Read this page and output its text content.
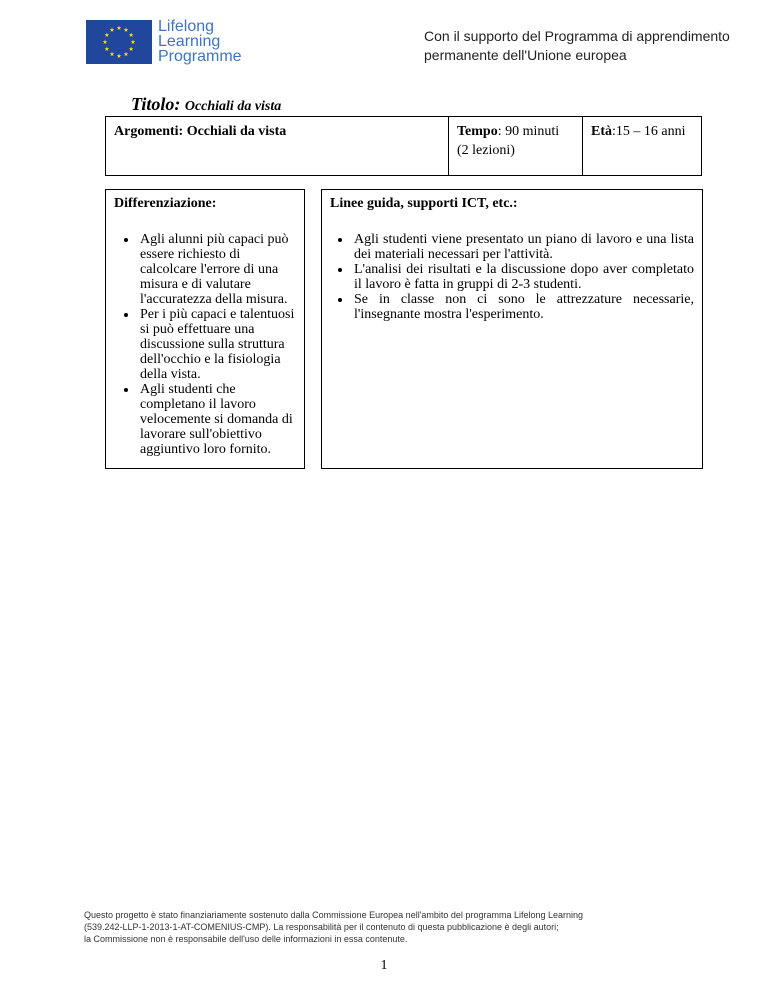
Lifelong
Learning
Programme
Con il supporto del Programma di apprendimento
permanente dell'Unione europea
Titolo: Occhiali da vista
Argomenti: Occhiali da vista	Tempo: 90 minuti
(2 lezioni)
Età:15 – 16 anni
Differenziazione:
• Agli alunni più capaci può essere richiesto di calcolcare l'errore di una misura e di valutare l'accuratezza della misura.
• Per i più capaci e talentuosi si può effettuare una discussione sulla struttura dell'occhio e la fisiologia della vista.
• Agli studenti che completano il lavoro velocemente si domanda di lavorare sull'obiettivo aggiuntivo loro fornito.
Linee guida, supporti ICT, etc.:
• Agli studenti viene presentato un piano di lavoro e una lista dei materiali necessari per l'attività.
• L'analisi dei risultati e la discussione dopo aver completato il lavoro è fatta in gruppi di 2-3 studenti.
• Se in classe non ci sono le attrezzature necessarie, l'insegnante mostra l'esperimento.
Questo progetto è stato finanziariamente sostenuto dalla Commissione Europea nell'ambito del programma Lifelong Learning
(539.242-LLP-1-2013-1-AT-COMENIUS-CMP). La responsabilità per il contenuto di questa pubblicazione è degli autori;
la Commissione non è responsabile dell'uso delle informazioni in essa contenute.
1
